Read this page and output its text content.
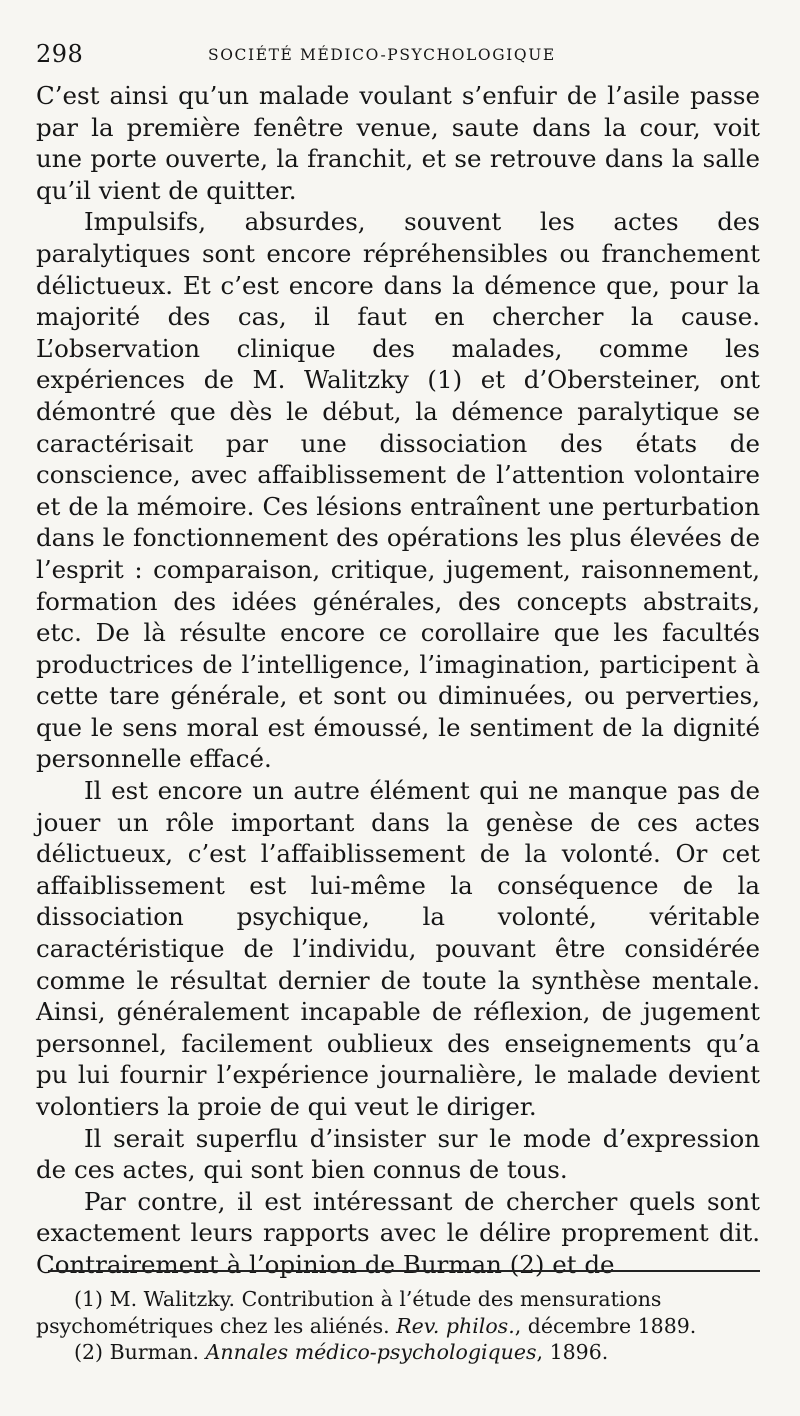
298	SOCIÉTÉ MÉDICO-PSYCHOLOGIQUE

C’est ainsi qu’un malade voulant s’enfuir de l’asile passe par la première fenêtre venue, saute dans la cour, voit une porte ouverte, la franchit, et se retrouve dans la salle qu’il vient de quitter.

Impulsifs, absurdes, souvent les actes des paralytiques sont encore répréhensibles ou franchement délictueux. Et c’est encore dans la démence que, pour la majorité des cas, il faut en chercher la cause. L’observation clinique des malades, comme les expériences de M. Walitzky (1) et d’Obersteiner, ont démontré que dès le début, la démence paralytique se caractérisait par une dissociation des états de conscience, avec affaiblissement de l’attention volontaire et de la mémoire. Ces lésions entraînent une perturbation dans le fonctionnement des opérations les plus élevées de l’esprit : comparaison, critique, jugement, raisonnement, formation des idées générales, des concepts abstraits, etc. De là résulte encore ce corollaire que les facultés productrices de l’intelligence, l’imagination, participent à cette tare générale, et sont ou diminuées, ou perverties, que le sens moral est émoussé, le sentiment de la dignité personnelle effacé.

Il est encore un autre élément qui ne manque pas de jouer un rôle important dans la genèse de ces actes délictueux, c’est l’affaiblissement de la volonté. Or cet affaiblissement est lui-même la conséquence de la dissociation psychique, la volonté, véritable caractéristique de l’individu, pouvant être considérée comme le résultat dernier de toute la synthèse mentale. Ainsi, généralement incapable de réflexion, de jugement personnel, facilement oublieux des enseignements qu’a pu lui fournir l’expérience journalière, le malade devient volontiers la proie de qui veut le diriger.

Il serait superflu d’insister sur le mode d’expression de ces actes, qui sont bien connus de tous.

Par contre, il est intéressant de chercher quels sont exactement leurs rapports avec le délire proprement dit. Contrairement à l’opinion de Burman (2) et de

(1) M. Walitzky. Contribution à l’étude des mensurations psychométriques chez les aliénés. Rev. philos., décembre 1889.

(2) Burman. Annales médico-psychologiques, 1896.
